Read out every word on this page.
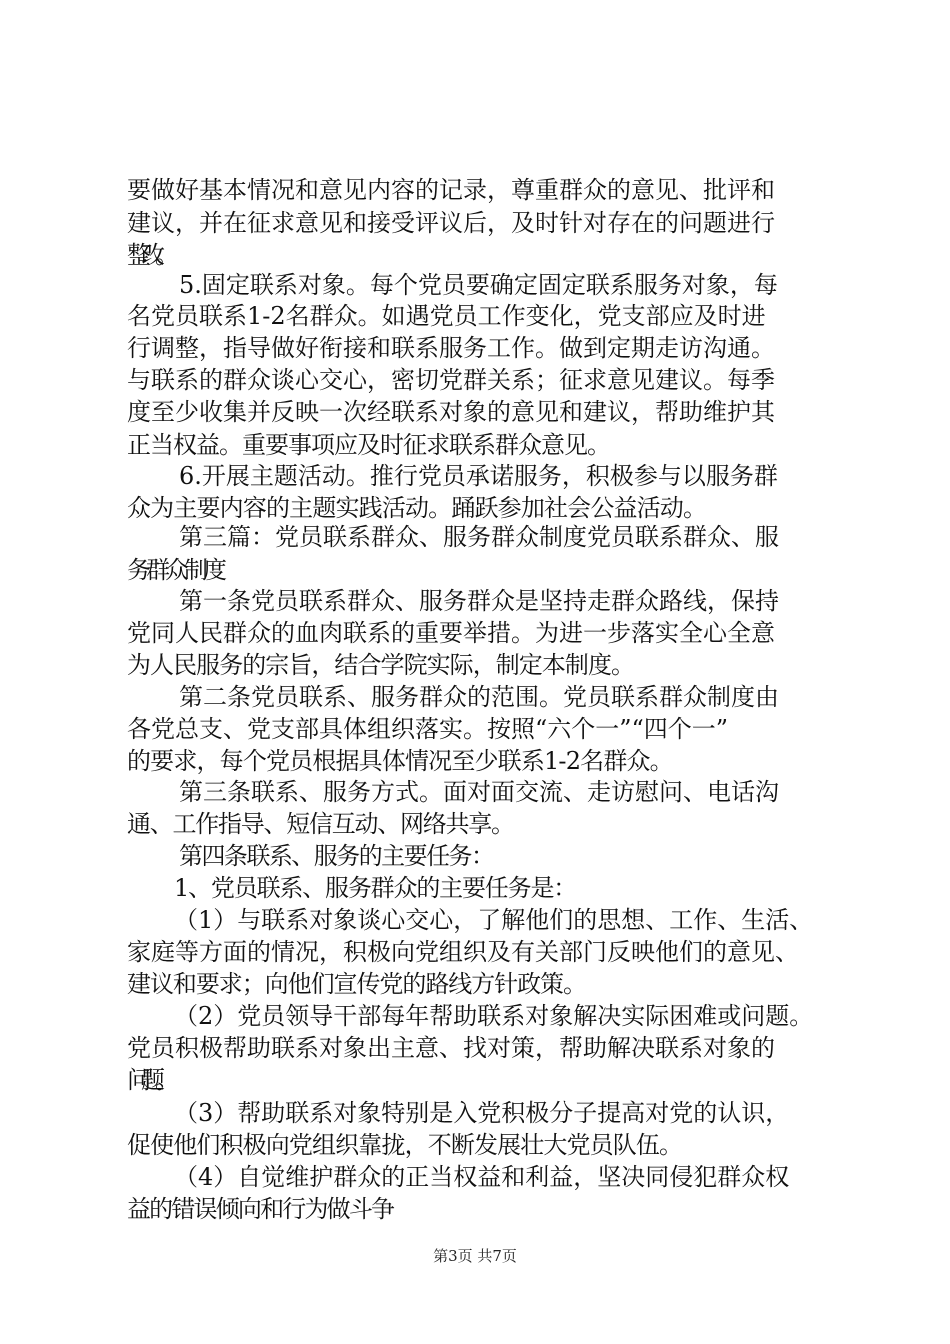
要做好基本情况和意见内容的记录，尊重群众的意见、批评和
建议，并在征求意见和接受评议后，及时针对存在的问题进行
整改。
5.固定联系对象。每个党员要确定固定联系服务对象，每
名党员联系1-2名群众。如遇党员工作变化，党支部应及时进
行调整，指导做好衔接和联系服务工作。做到定期走访沟通。
与联系的群众谈心交心，密切党群关系；征求意见建议。每季
度至少收集并反映一次经联系对象的意见和建议，帮助维护其
正当权益。重要事项应及时征求联系群众意见。
6.开展主题活动。推行党员承诺服务，积极参与以服务群
众为主要内容的主题实践活动。踊跃参加社会公益活动。
第三篇：党员联系群众、服务群众制度党员联系群众、服
务群众制度
第一条党员联系群众、服务群众是坚持走群众路线，保持
党同人民群众的血肉联系的重要举措。为进一步落实全心全意
为人民服务的宗旨，结合学院实际，制定本制度。
第二条党员联系、服务群众的范围。党员联系群众制度由
各党总支、党支部具体组织落实。按照“六个一”“四个一”
的要求，每个党员根据具体情况至少联系1-2名群众。
第三条联系、服务方式。面对面交流、走访慰问、电话沟
通、工作指导、短信互动、网络共享。
第四条联系、服务的主要任务：
1、党员联系、服务群众的主要任务是：
（1）与联系对象谈心交心，了解他们的思想、工作、生活、
家庭等方面的情况，积极向党组织及有关部门反映他们的意见、
建议和要求；向他们宣传党的路线方针政策。
（2）党员领导干部每年帮助联系对象解决实际困难或问题。
党员积极帮助联系对象出主意、找对策，帮助解决联系对象的
问题。
（3）帮助联系对象特别是入党积极分子提高对党的认识，
促使他们积极向党组织靠拢，不断发展壮大党员队伍。
（4）自觉维护群众的正当权益和利益，坚决同侵犯群众权
益的错误倾向和行为做斗争
第3页 共7页
